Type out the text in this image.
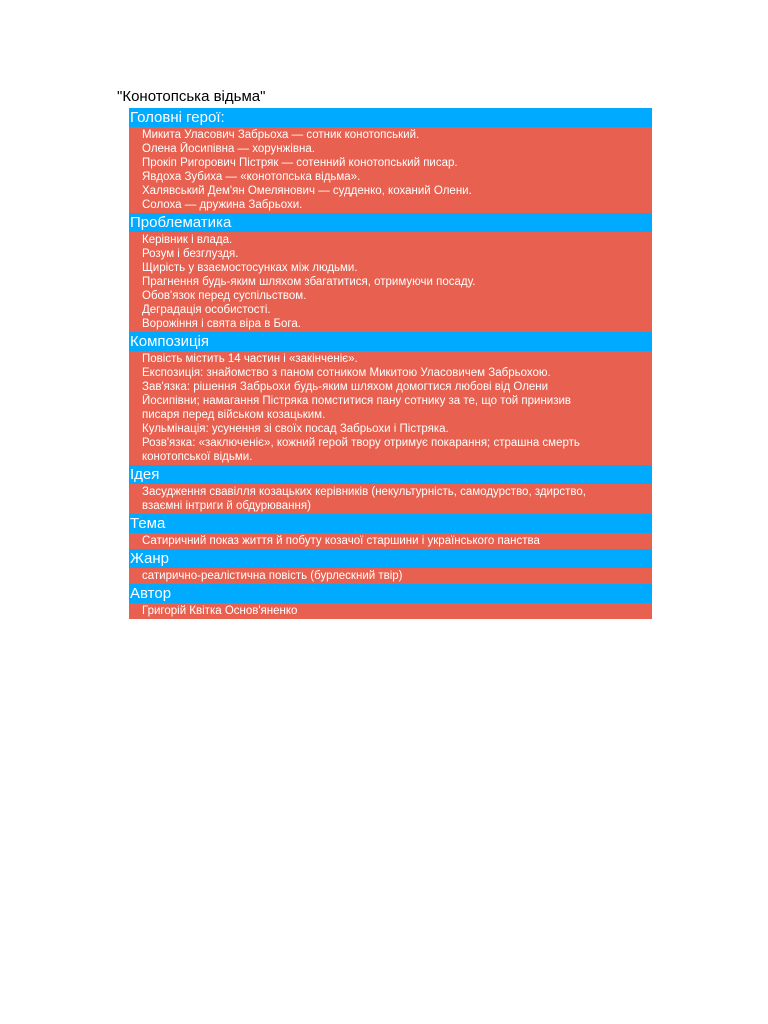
"Конотопська відьма"
Головні герої:
Микита Уласович Забрьоха — сотник конотопський.
Олена Йосипівна — хорунжівна.
Прокіп Ригорович Пістряк — сотенний конотопський писар.
Явдоха Зубиха — «конотопська відьма».
Халявський Дем'ян Омелянович — судденко, коханий Олени.
Солоха — дружина Забрьохи.
Проблематика
Керівник і влада.
Розум і безглуздя.
Щирість у взаємостосунках між людьми.
Прагнення будь-яким шляхом збагатитися, отримуючи посаду.
Обов'язок перед суспільством.
Деградація особистості.
Ворожіння і свята віра в Бога.
Композиція
Повість містить 14 частин і «закінченіє».
Експозиція: знайомство з паном сотником Микитою Уласовичем Забрьохою.
Зав'язка: рішення Забрьохи будь-яким шляхом домогтися любові від Олени
Йосипівни; намагання Пістряка помститися пану сотнику за те, що той принизив
писаря перед військом козацьким.
Кульмінація: усунення зі своїх посад Забрьохи і Пістряка.
Розв'язка: «заключеніє», кожний герой твору отримує покарання; страшна смерть
конотопської відьми.
Ідея
Засудження свавілля козацьких керівників (некультурність, самодурство, здирство,
взаємні інтриги й обдурювання)
Тема
Сатиричний показ життя й побуту козачої старшини і українського панства
Жанр
сатирично-реалістична повість (бурлескний твір)
Автор
Григорій Квітка Основ'яненко
